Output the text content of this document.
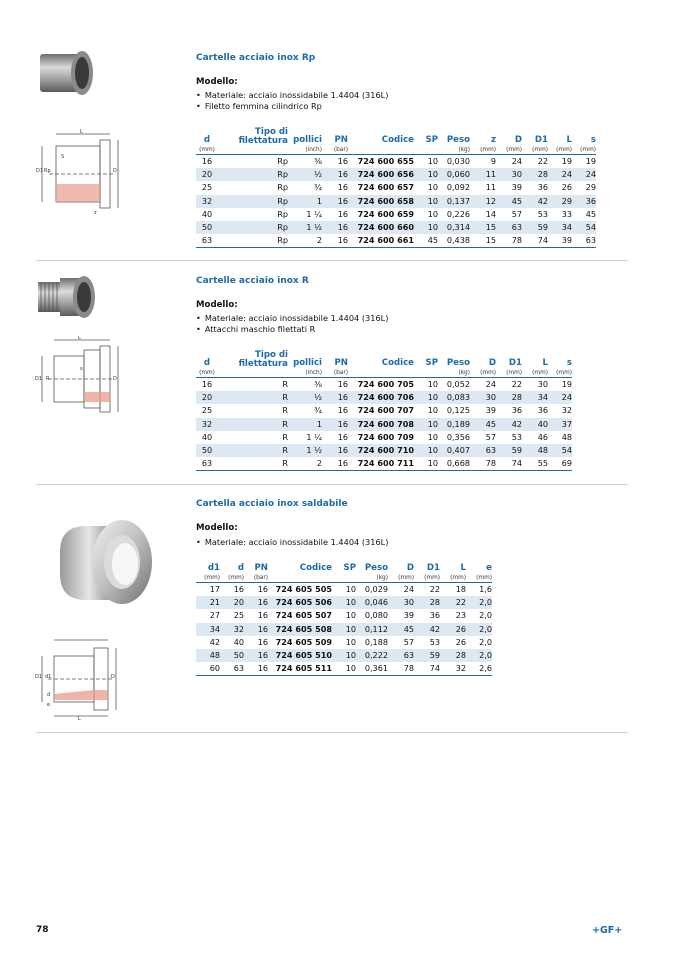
L
S
D1 Rp	D
z
Cartelle acciaio inox Rp
Modello:
• Materiale: acciaio inossidabile 1.4404 (316L)
• Filetto femmina cilindrico Rp
d	Tipo di filettatura	pollici	PN	Codice	SP	Peso	z	D	D1	L	s
(mm)		(inch)	(bar)			(kg)	(mm)	(mm)	(mm)	(mm)	(mm)
16	Rp	⅜	16	724 600 655	10	0,030	9	24	22	19	19
20	Rp	½	16	724 600 656	10	0,060	11	30	28	24	24
25	Rp	¾	16	724 600 657	10	0,092	11	39	36	26	29
32	Rp	1	16	724 600 658	10	0,137	12	45	42	29	36
40	Rp	1 ¼	16	724 600 659	10	0,226	14	57	53	33	45
50	Rp	1 ½	16	724 600 660	10	0,314	15	63	59	34	54
63	Rp	2	16	724 600 661	45	0,438	15	78	74	39	63
L
s
D1 R	D
Cartelle acciaio inox R
Modello:
• Materiale: acciaio inossidabile 1.4404 (316L)
• Attacchi maschio filettati R
d	Tipo di filettatura	pollici	PN	Codice	SP	Peso	D	D1	L	s
(mm)		(inch)	(bar)			(kg)	(mm)	(mm)	(mm)	(mm)
16	R	⅜	16	724 600 705	10	0,052	24	22	30	19
20	R	½	16	724 600 706	10	0,083	30	28	34	24
25	R	¾	16	724 600 707	10	0,125	39	36	36	32
32	R	1	16	724 600 708	10	0,189	45	42	40	37
40	R	1 ¼	16	724 600 709	10	0,356	57	53	46	48
50	R	1 ½	16	724 600 710	10	0,407	63	59	48	54
63	R	2	16	724 600 711	10	0,668	78	74	55	69
L
D1 d1	D
d
e
Cartella acciaio inox saldabile
Modello:
• Materiale: acciaio inossidabile 1.4404 (316L)
d1	d	PN	Codice	SP	Peso	D	D1	L	e
(mm)	(mm)	(bar)			(kg)	(mm)	(mm)	(mm)	(mm)
17	16	16	724 605 505	10	0,029	24	22	18	1,6
21	20	16	724 605 506	10	0,046	30	28	22	2,0
27	25	16	724 605 507	10	0,080	39	36	23	2,0
34	32	16	724 605 508	10	0,112	45	42	26	2,0
42	40	16	724 605 509	10	0,188	57	53	26	2,0
48	50	16	724 605 510	10	0,222	63	59	28	2,0
60	63	16	724 605 511	10	0,361	78	74	32	2,6
78	+GF+
